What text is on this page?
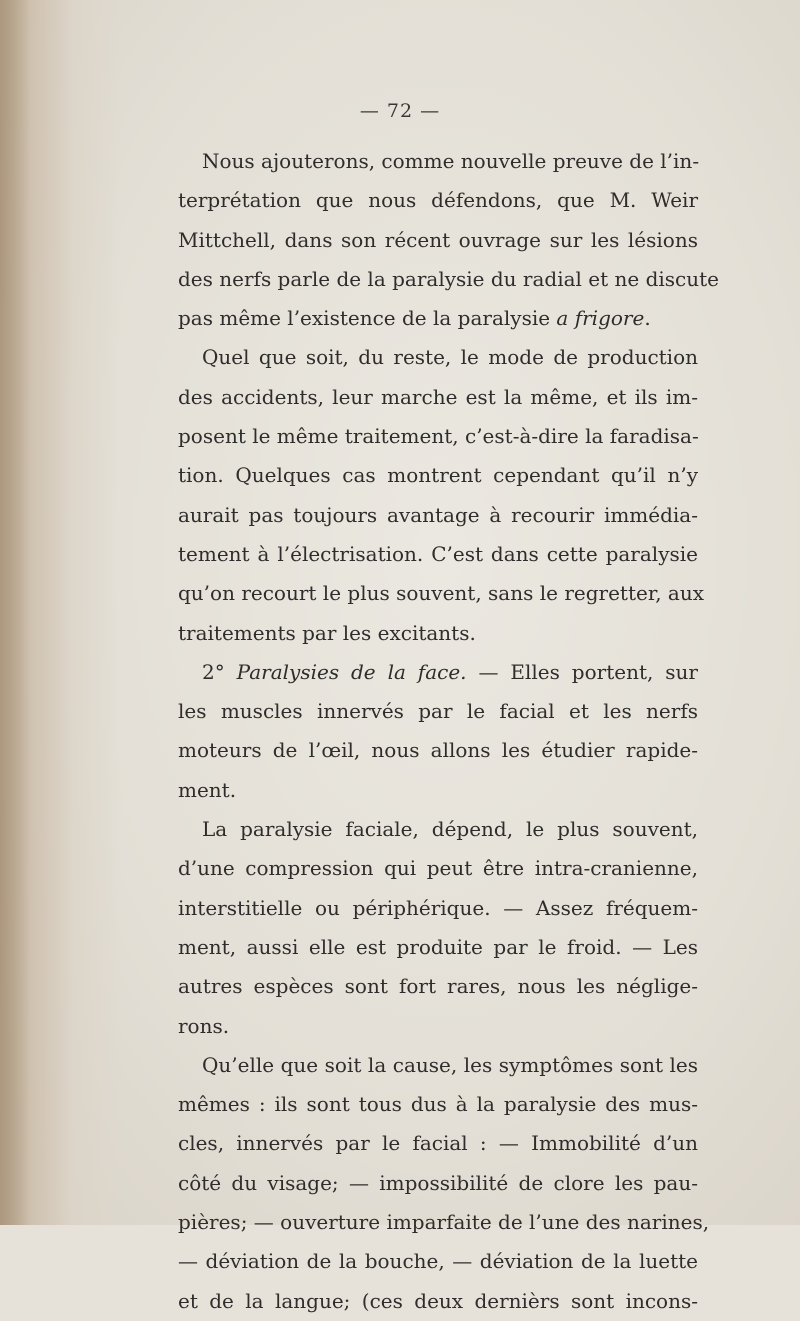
— 72 —
Nous ajouterons, comme nouvelle preuve de l’in-
terprétation que nous défendons, que M. Weir
Mittchell, dans son récent ouvrage sur les lésions
des nerfs parle de la paralysie du radial et ne discute
pas même l’existence de la paralysie a frigore.
Quel que soit, du reste, le mode de production
des accidents, leur marche est la même, et ils im-
posent le même traitement, c’est-à-dire la faradisa-
tion. Quelques cas montrent cependant qu’il n’y
aurait pas toujours avantage à recourir immédia-
tement à l’électrisation. C’est dans cette paralysie
qu’on recourt le plus souvent, sans le regretter, aux
traitements par les excitants.
2° Paralysies de la face. — Elles portent, sur
les muscles innervés par le facial et les nerfs
moteurs de l’œil, nous allons les étudier rapide-
ment.
La paralysie faciale, dépend, le plus souvent,
d’une compression qui peut être intra-cranienne,
interstitielle ou périphérique. — Assez fréquem-
ment, aussi elle est produite par le froid. — Les
autres espèces sont fort rares, nous les néglige-
rons.
Qu’elle que soit la cause, les symptômes sont les
mêmes : ils sont tous dus à la paralysie des mus-
cles, innervés par le facial : — Immobilité d’un
côté du visage; — impossibilité de clore les pau-
pières; — ouverture imparfaite de l’une des narines,
— déviation de la bouche, — déviation de la luette
et de la langue; (ces deux dernièrs sont incons-
